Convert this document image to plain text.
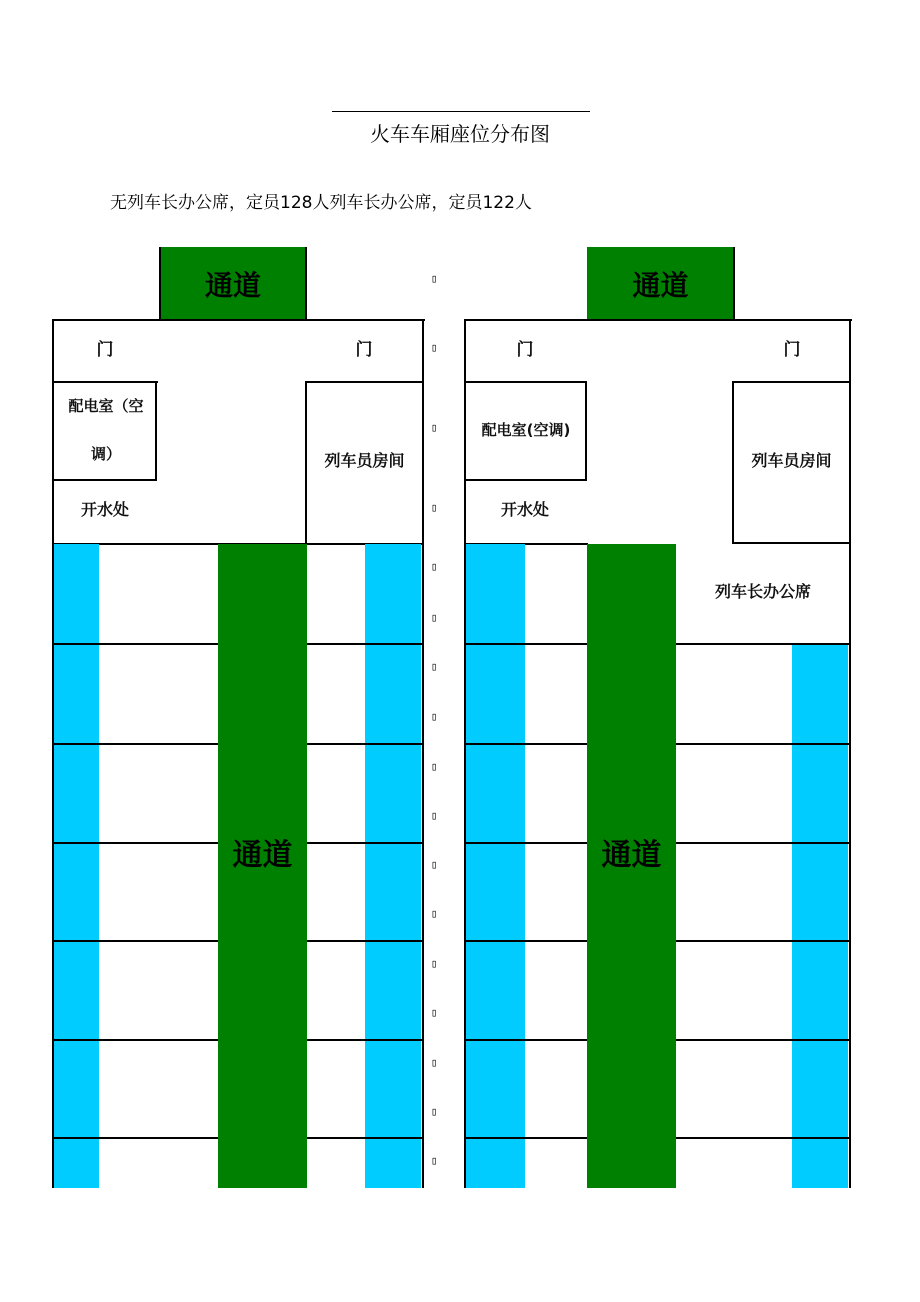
火车车厢座位分布图
无列车长办公席，定员128人列车长办公席，定员122人
通道
门	门
配电室（空
调）	列车员房间
开水处
通道
▯
▯
▯
▯
▯
▯
▯
▯
▯
▯
▯
▯
▯
▯
▯
▯
▯
通道
门	门
配电室(空调)
列车员房间
开水处
通道
列车长办公席
